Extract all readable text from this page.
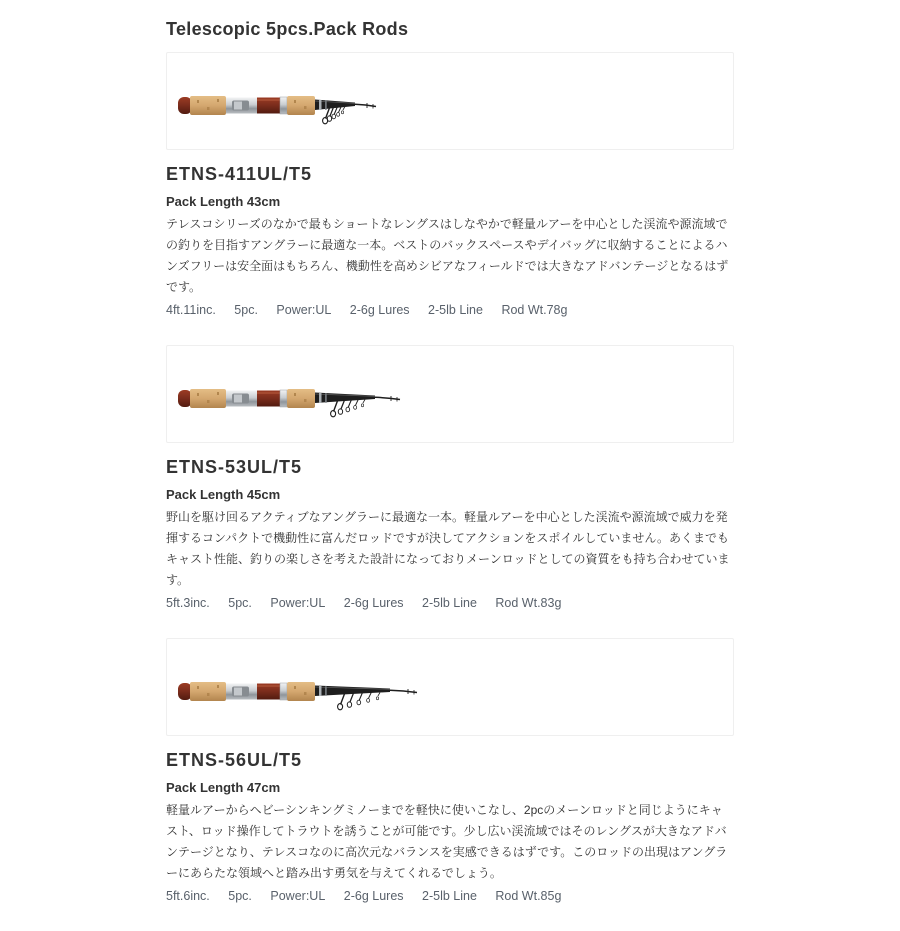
Telescopic 5pcs.Pack Rods
ETNS-411UL/T5
Pack Length 43cm

テレスコシリーズのなかで最もショートなレングスはしなやかで軽量ルアーを中心とした渓流や源流域での釣りを目指すアングラーに最適な一本。ベストのバックスペースやデイバッグに収納することによるハンズフリーは安全面はもちろん、機動性を高めシビアなフィールドでは大きなアドバンテージとなるはずです。

4ft.11inc. 5pc. Power:UL 2-6g Lures 2-5lb Line Rod Wt.78g

ETNS-53UL/T5
Pack Length 45cm

野山を駆け回るアクティブなアングラーに最適な一本。軽量ルアーを中心とした渓流や源流域で威力を発揮するコンパクトで機動性に富んだロッドですが決してアクションをスポイルしていません。あくまでもキャスト性能、釣りの楽しさを考えた設計になっておりメーンロッドとしての資質をも持ち合わせています。

5ft.3inc. 5pc. Power:UL 2-6g Lures 2-5lb Line Rod Wt.83g

ETNS-56UL/T5
Pack Length 47cm

軽量ルアーからヘビーシンキングミノーまでを軽快に使いこなし、2pcのメーンロッドと同じようにキャスト、ロッド操作してトラウトを誘うことが可能です。少し広い渓流域ではそのレングスが大きなアドバンテージとなり、テレスコなのに高次元なバランスを実感できるはずです。このロッドの出現はアングラーにあらたな領域へと踏み出す勇気を与えてくれるでしょう。

5ft.6inc. 5pc. Power:UL 2-6g Lures 2-5lb Line Rod Wt.85g
